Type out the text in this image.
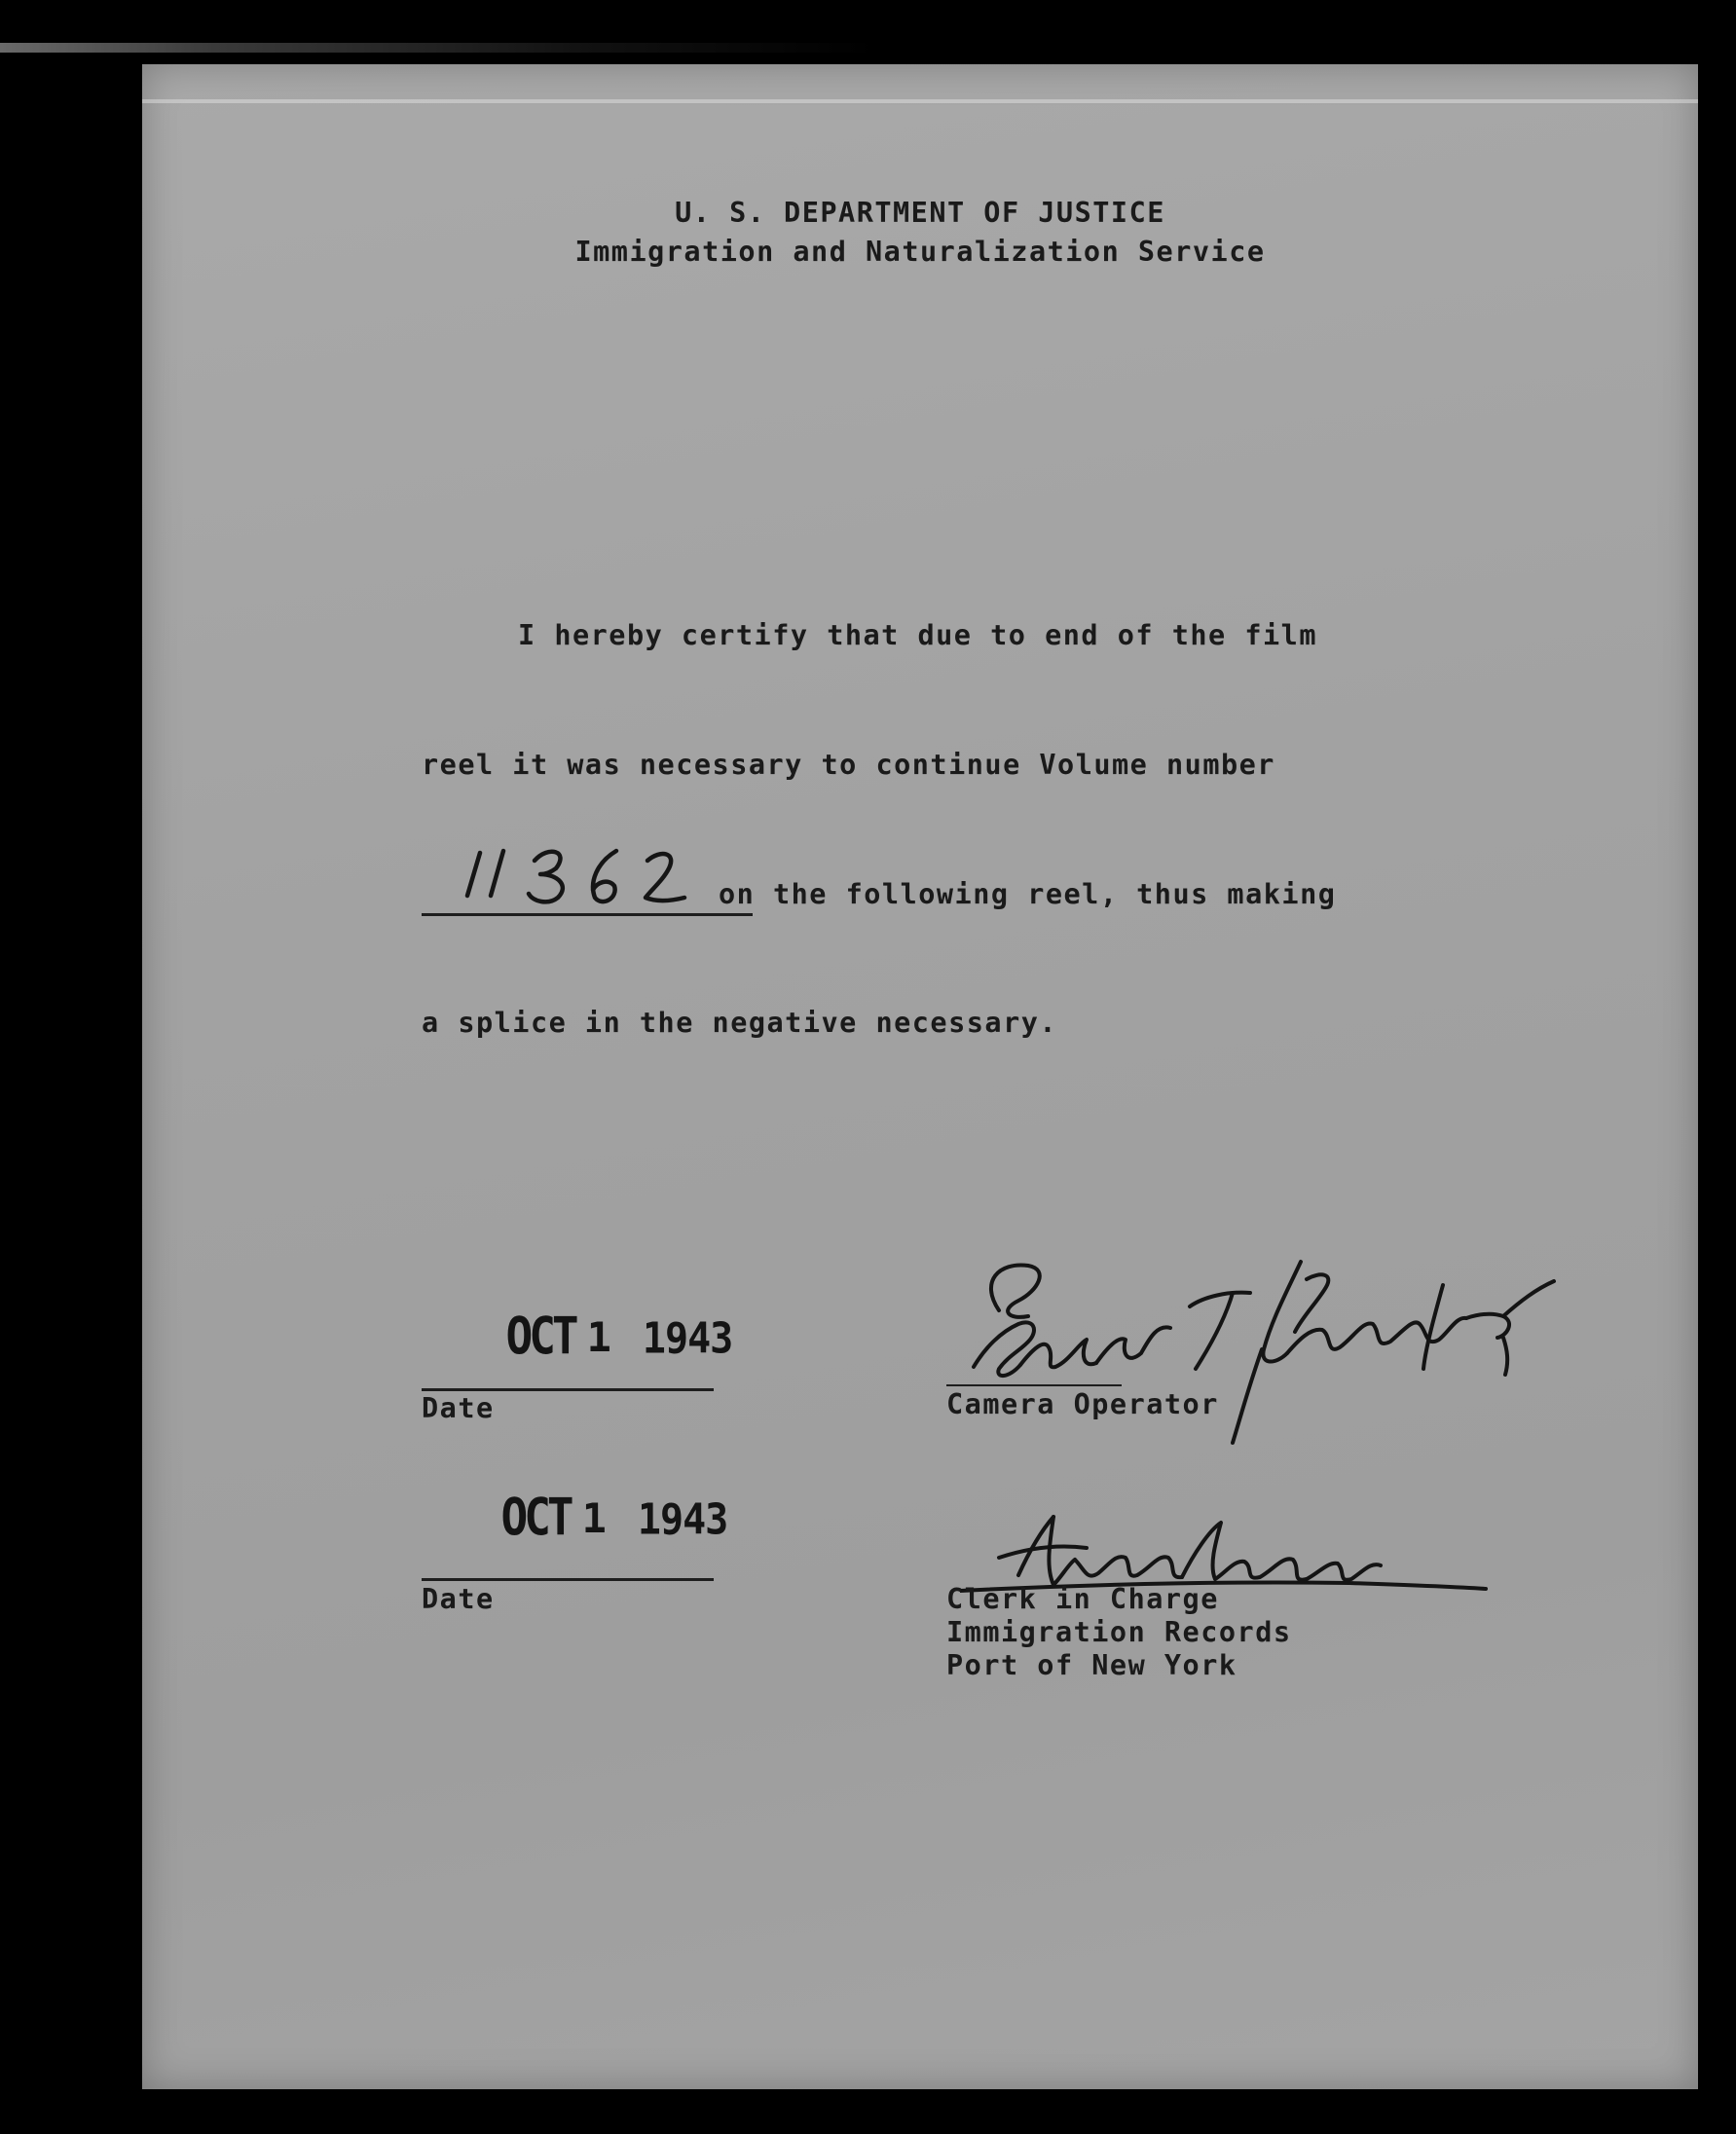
U. S. DEPARTMENT OF JUSTICE
Immigration and Naturalization Service
I hereby certify that due to end of the film
reel it was necessary to continue Volume number
on the following reel, thus making
a splice in the negative necessary.

OCT 1 1943

Date	Camera Operator

OCT 1 1943

Date	Clerk in Charge
Immigration Records
Port of New York
